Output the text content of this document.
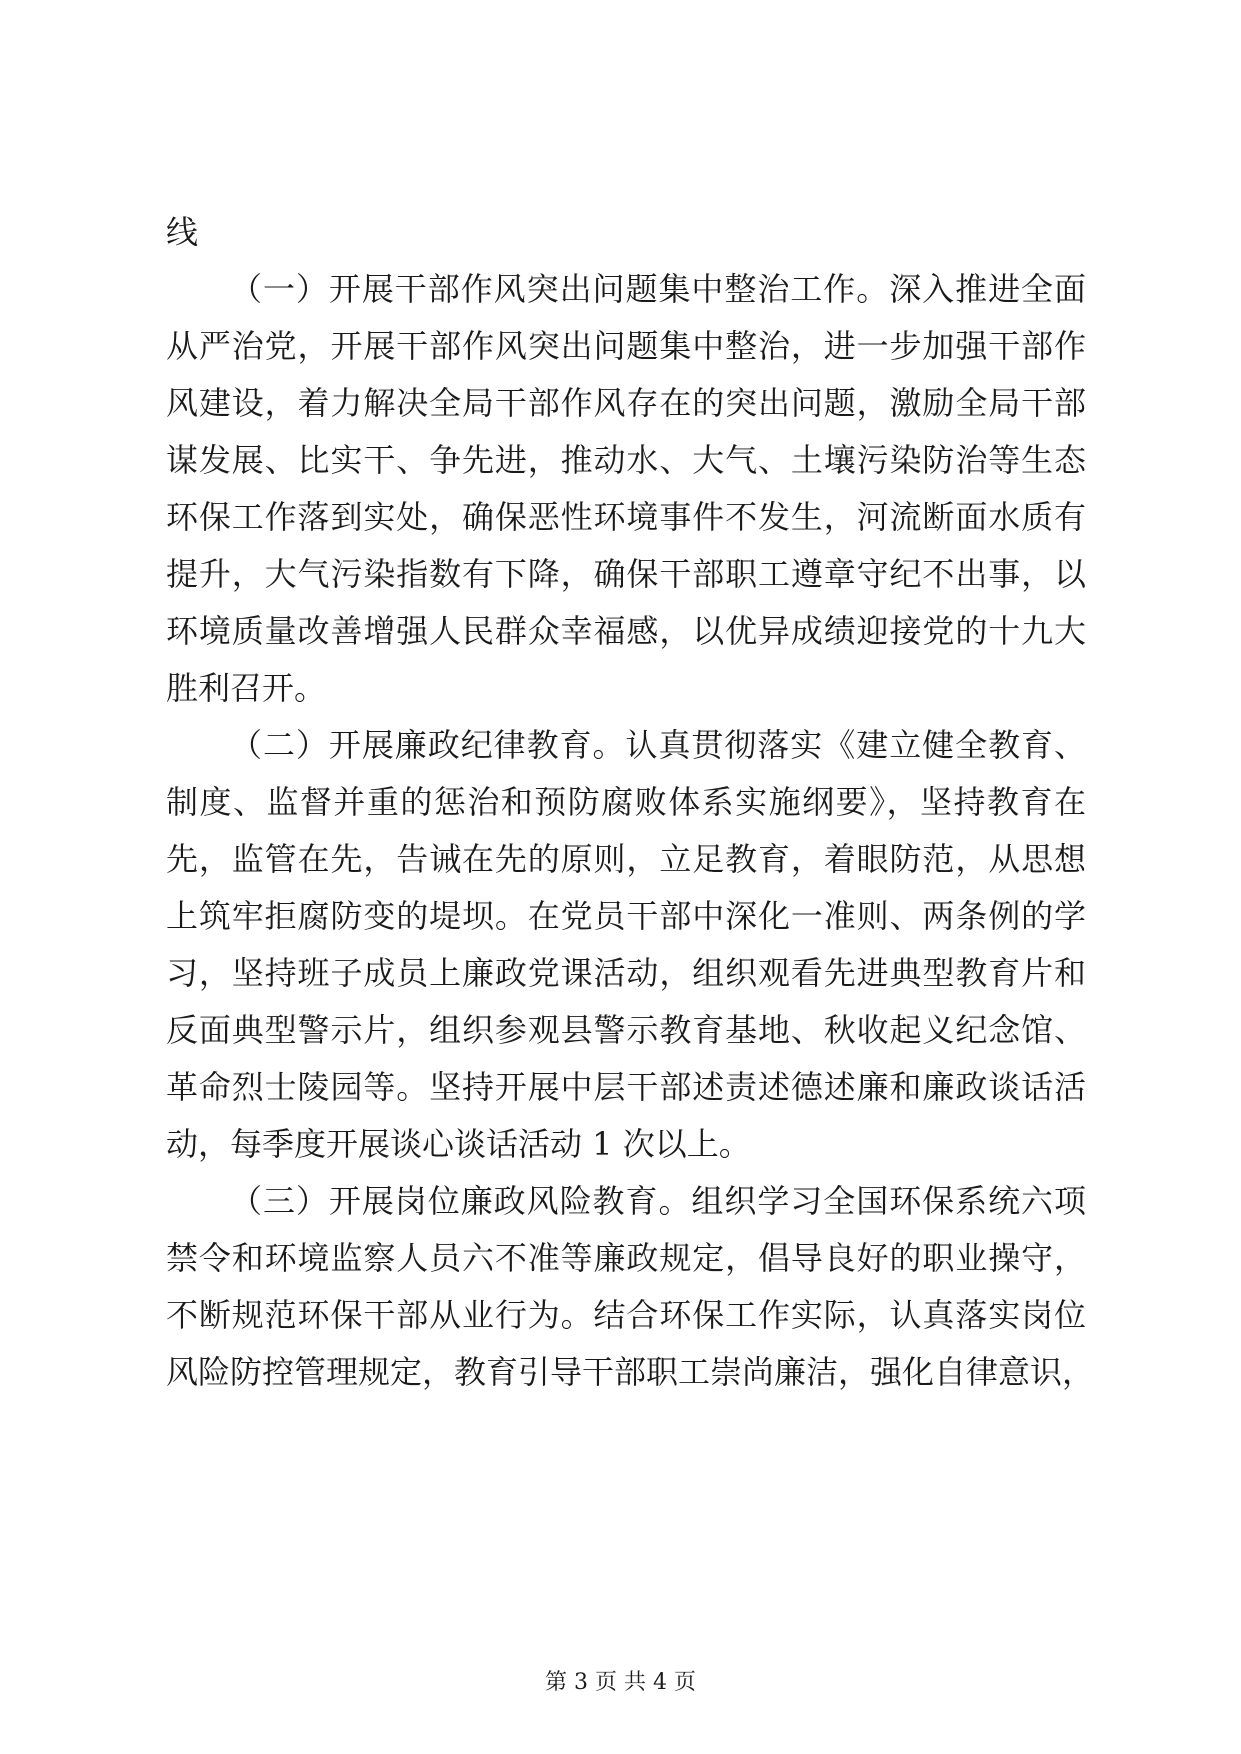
线
（一）开展干部作风突出问题集中整治工作。深入推进全面
从严治党，开展干部作风突出问题集中整治，进一步加强干部作
风建设，着力解决全局干部作风存在的突出问题，激励全局干部
谋发展、比实干、争先进，推动水、大气、土壤污染防治等生态
环保工作落到实处，确保恶性环境事件不发生，河流断面水质有
提升，大气污染指数有下降，确保干部职工遵章守纪不出事，以
环境质量改善增强人民群众幸福感，以优异成绩迎接党的十九大
胜利召开。
（二）开展廉政纪律教育。认真贯彻落实《建立健全教育、
制度、监督并重的惩治和预防腐败体系实施纲要》，坚持教育在
先，监管在先，告诫在先的原则，立足教育，着眼防范，从思想
上筑牢拒腐防变的堤坝。在党员干部中深化一准则、两条例的学
习，坚持班子成员上廉政党课活动，组织观看先进典型教育片和
反面典型警示片，组织参观县警示教育基地、秋收起义纪念馆、
革命烈士陵园等。坚持开展中层干部述责述德述廉和廉政谈话活
动，每季度开展谈心谈话活动 1 次以上。
（三）开展岗位廉政风险教育。组织学习全国环保系统六项
禁令和环境监察人员六不准等廉政规定，倡导良好的职业操守，
不断规范环保干部从业行为。结合环保工作实际，认真落实岗位
风险防控管理规定，教育引导干部职工崇尚廉洁，强化自律意识，
第 3 页 共 4 页
